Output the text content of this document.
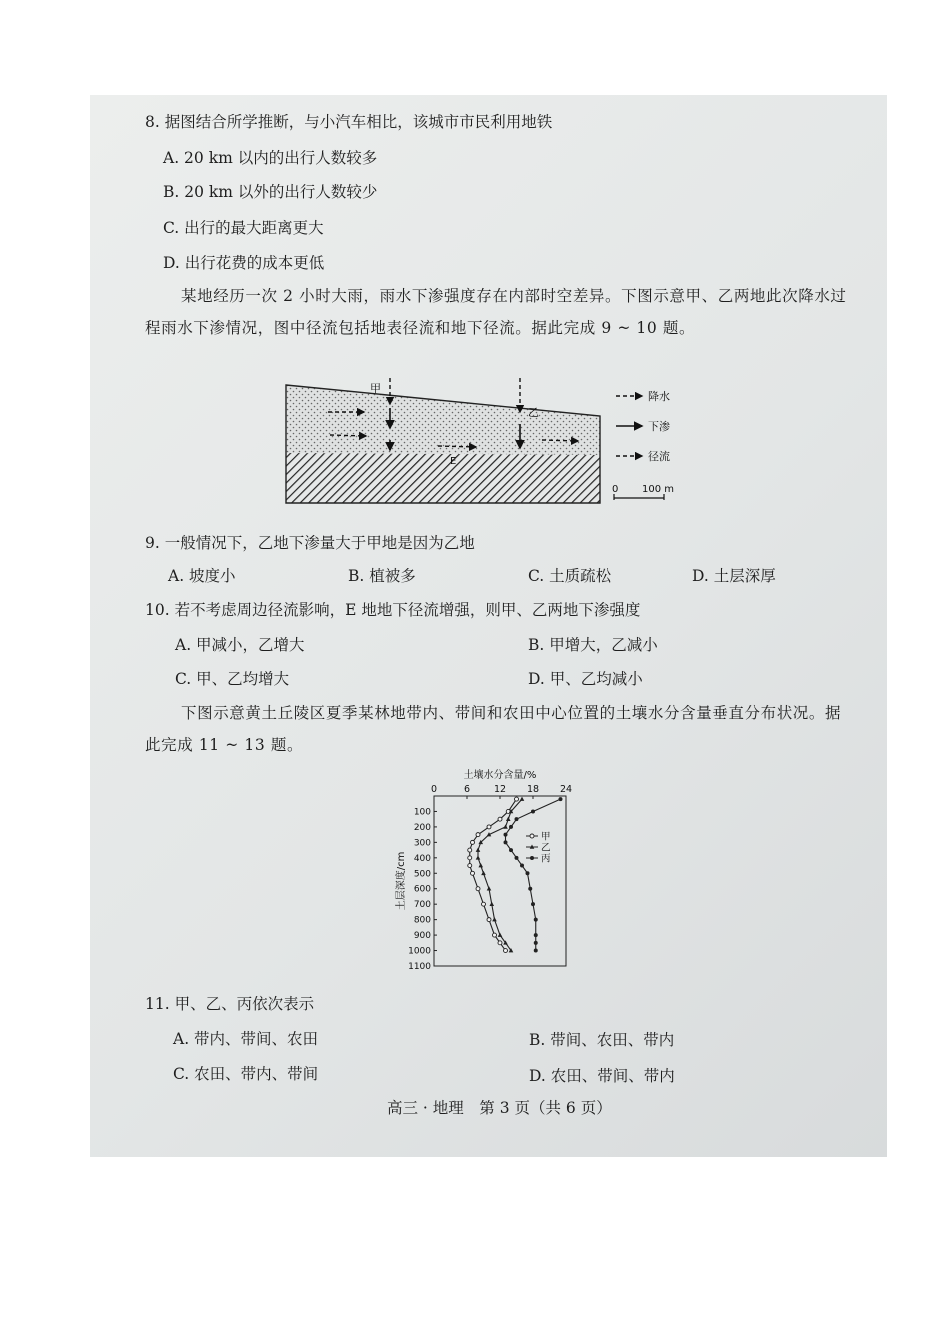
8. 据图结合所学推断，与小汽车相比，该城市市民利用地铁
A. 20 km 以内的出行人数较多
B. 20 km 以外的出行人数较少
C. 出行的最大距离更大
D. 出行花费的成本更低
某地经历一次 2 小时大雨，雨水下渗强度存在内部时空差异。下图示意甲、乙两地此次降水过程雨水下渗情况，图中径流包括地表径流和地下径流。据此完成 9 ~ 10 题。
甲
乙
E
降水
下渗
径流
0 100 m
9. 一般情况下，乙地下渗量大于甲地是因为乙地
A. 坡度小	B. 植被多	C. 土质疏松	D. 土层深厚
10. 若不考虑周边径流影响，E 地地下径流增强，则甲、乙两地下渗强度
A. 甲减小，乙增大	B. 甲增大，乙减小
C. 甲、乙均增大	D. 甲、乙均减小
下图示意黄土丘陵区夏季某林地带内、带间和农田中心位置的土壤水分含量垂直分布状况。据此完成 11 ~ 13 题。
土壤水分含量/%
0	6	12 18 24
100
200
300
400
500
600
700
800
900
1000
1100
土层深度/cm
甲
乙
丙
11. 甲、乙、丙依次表示
A. 带内、带间、农田	B. 带间、农田、带内
C. 农田、带内、带间	D. 农田、带间、带内
高三 · 地理　第 3 页（共 6 页）
